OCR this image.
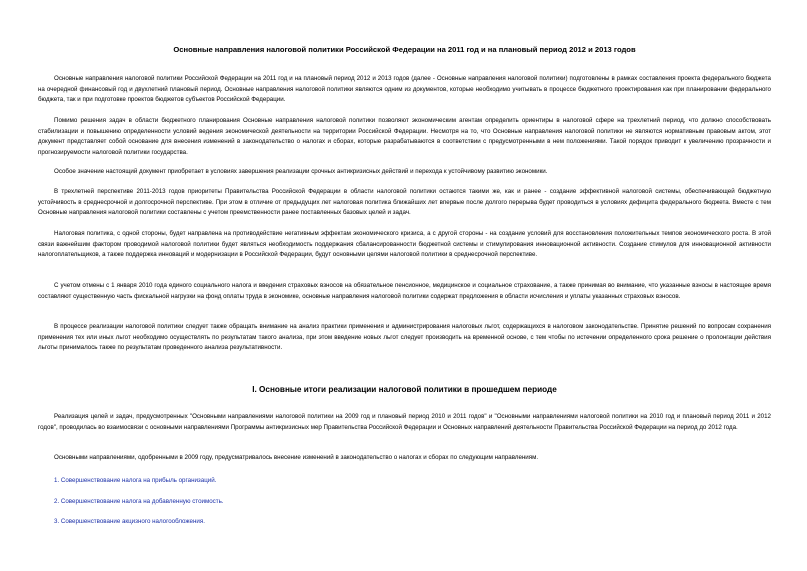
Основные направления налоговой политики Российской Федерации на 2011 год и на плановый период 2012 и 2013 годов

Основные направления налоговой политики Российской Федерации на 2011 год и на плановый период 2012 и 2013 годов (далее - Основные направления налоговой политики) подготовлены в рамках составления проекта федерального бюджета на очередной финансовый год и двухлетний плановый период. Основные направления налоговой политики являются одним из документов, которые необходимо учитывать в процессе бюджетного проектирования как при планировании федерального бюджета, так и при подготовке проектов бюджетов субъектов Российской Федерации.

Помимо решения задач в области бюджетного планирования Основные направления налоговой политики позволяют экономическим агентам определить ориентиры в налоговой сфере на трехлетний период, что должно способствовать стабилизации и повышению определенности условий ведения экономической деятельности на территории Российской Федерации. Несмотря на то, что Основные направления налоговой политики не являются нормативным правовым актом, этот документ представляет собой основание для внесения изменений в законодательство о налогах и сборах, которые разрабатываются в соответствии с предусмотренными в нем положениями. Такой порядок приводит к увеличению прозрачности и прогнозируемости налоговой политики государства.

Особое значение настоящий документ приобретает в условиях завершения реализации срочных антикризисных действий и перехода к устойчивому развитию экономики.

В трехлетней перспективе 2011-2013 годов приоритеты Правительства Российской Федерации в области налоговой политики остаются такими же, как и ранее - создание эффективной налоговой системы, обеспечивающей бюджетную устойчивость в среднесрочной и долгосрочной перспективе. При этом в отличие от предыдущих лет налоговая политика ближайших лет впервые после долгого перерыва будет проводиться в условиях дефицита федерального бюджета. Вместе с тем Основные направления налоговой политики составлены с учетом преемственности ранее поставленных базовых целей и задач.

Налоговая политика, с одной стороны, будет направлена на противодействие негативным эффектам экономического кризиса, а с другой стороны - на создание условий для восстановления положительных темпов экономического роста. В этой связи важнейшим фактором проводимой налоговой политики будет являться необходимость поддержания сбалансированности бюджетной системы и стимулирования инновационной активности. Создание стимулов для инновационной активности налогоплательщиков, а также поддержка инноваций и модернизации в Российской Федерации, будут основными целями налоговой политики в среднесрочной перспективе.

С учетом отмены с 1 января 2010 года единого социального налога и введения страховых взносов на обязательное пенсионное, медицинское и социальное страхование, а также принимая во внимание, что указанные взносы в настоящее время составляют существенную часть фискальной нагрузки на фонд оплаты труда в экономике, основные направления налоговой политики содержат предложения в области исчисления и уплаты указанных страховых взносов.

В процессе реализации налоговой политики следует также обращать внимание на анализ практики применения и администрирования налоговых льгот, содержащихся в налоговом законодательстве. Принятие решений по вопросам сохранения применения тех или иных льгот необходимо осуществлять по результатам такого анализа, при этом введение новых льгот следует производить на временной основе, с тем чтобы по истечении определенного срока решение о пролонгации действия льготы принималось также по результатам проведенного анализа результативности.

I. Основные итоги реализации налоговой политики в прошедшем периоде

Реализация целей и задач, предусмотренных "Основными направлениями налоговой политики на 2009 год и плановый период 2010 и 2011 годов" и "Основными направлениями налоговой политики на 2010 год и плановый период 2011 и 2012 годов", проводилась во взаимосвязи с основными направлениями Программы антикризисных мер Правительства Российской Федерации и Основных направлений деятельности Правительства Российской Федерации на период до 2012 года.

Основными направлениями, одобренными в 2009 году, предусматривалось внесение изменений в законодательство о налогах и сборах по следующим направлениям.

1. Совершенствование налога на прибыль организаций.
2. Совершенствование налога на добавленную стоимость.
3. Совершенствование акцизного налогообложения.
